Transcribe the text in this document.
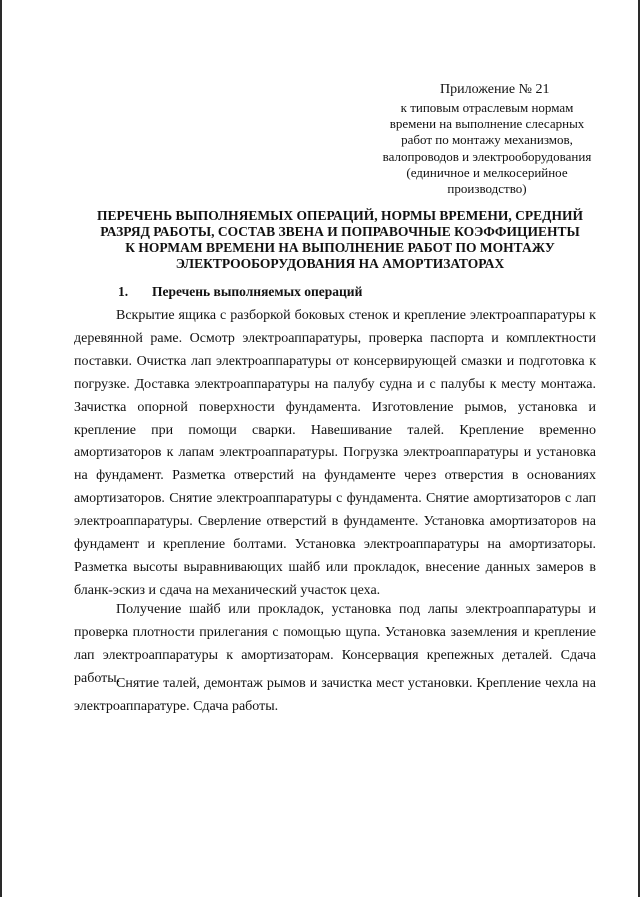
Приложение № 21
к типовым отраслевым нормам
времени на выполнение слесарных
работ по монтажу механизмов,
валопроводов и электрооборудования
(единичное и мелкосерийное
производство)
ПЕРЕЧЕНЬ ВЫПОЛНЯЕМЫХ ОПЕРАЦИЙ, НОРМЫ ВРЕМЕНИ, СРЕДНИЙ
РАЗРЯД РАБОТЫ, СОСТАВ ЗВЕНА И ПОПРАВОЧНЫЕ КОЭФФИЦИЕНТЫ
К НОРМАМ ВРЕМЕНИ НА ВЫПОЛНЕНИЕ РАБОТ ПО МОНТАЖУ
ЭЛЕКТРООБОРУДОВАНИЯ НА АМОРТИЗАТОРАХ
1. Перечень выполняемых операций

Вскрытие ящика с разборкой боковых стенок и крепление электроаппаратуры к деревянной раме. Осмотр электроаппаратуры, проверка паспорта и комплектности поставки. Очистка лап электроаппаратуры от консервирующей смазки и подготовка к погрузке. Доставка электроаппаратуры на палубу судна и с палубы к месту монтажа. Зачистка опорной поверхности фундамента. Изготовление рымов, установка и крепление при помощи сварки. Навешивание талей. Крепление временно амортизаторов к лапам электроаппаратуры. Погрузка электроаппаратуры и установка на фундамент. Разметка отверстий на фундаменте через отверстия в основаниях амортизаторов. Снятие электроаппаратуры с фундамента. Снятие амортизаторов с лап электроаппаратуры. Сверление отверстий в фундаменте. Установка амортизаторов на фундамент и крепление болтами. Установка электроаппаратуры на амортизаторы. Разметка высоты выравнивающих шайб или прокладок, внесение данных замеров в бланк-эскиз и сдача на механический участок цеха.

Получение шайб или прокладок, установка под лапы электроаппаратуры и проверка плотности прилегания с помощью щупа. Установка заземления и крепление лап электроаппаратуры к амортизаторам. Консервация крепежных деталей. Сдача работы.

Снятие талей, демонтаж рымов и зачистка мест установки. Крепление чехла на электроаппаратуре. Сдача работы.
